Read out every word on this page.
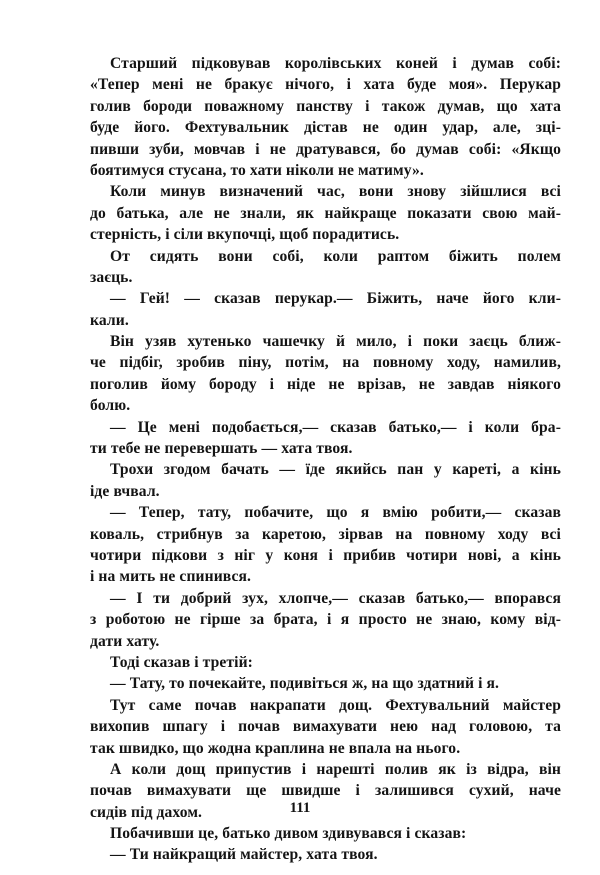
Старший підковував королівських коней і думав собі:
«Тепер мені не бракує нічого, і хата буде моя». Перукар
голив бороди поважному панству і також думав, що хата
буде його. Фехтувальник дістав не один удар, але, зці-
пивши зуби, мовчав і не дратувався, бо думав собі: «Якщо
боятимуся стусана, то хати ніколи не матиму».
Коли минув визначений час, вони знову зійшлися всі
до батька, але не знали, як найкраще показати свою май-
стерність, і сіли вкупочці, щоб порадитись.
От сидять вони собі, коли раптом біжить полем
заєць.
— Гей! — сказав перукар.— Біжить, наче його кли-
кали.
Він узяв хутенько чашечку й мило, і поки заєць ближ-
че підбіг, зробив піну, потім, на повному ходу, намилив,
поголив йому бороду і ніде не врізав, не завдав ніякого
болю.
— Це мені подобається,— сказав батько,— і коли бра-
ти тебе не перевершать — хата твоя.
Трохи згодом бачать — їде якийсь пан у кареті, а кінь
іде вчвал.
— Тепер, тату, побачите, що я вмію робити,— сказав
коваль, стрибнув за каретою, зірвав на повному ходу всі
чотири підкови з ніг у коня і прибив чотири нові, а кінь
і на мить не спинився.
— І ти добрий зух, хлопче,— сказав батько,— впорався
з роботою не гірше за брата, і я просто не знаю, кому від-
дати хату.
Тоді сказав і третій:
— Тату, то почекайте, подивіться ж, на що здатний і я.
Тут саме почав накрапати дощ. Фехтувальний майстер
вихопив шпагу і почав вимахувати нею над головою, та
так швидко, що жодна краплина не впала на нього.
А коли дощ припустив і нарешті полив як із відра, він
почав вимахувати ще швидше і залишився сухий, наче
сидів під дахом.
Побачивши це, батько дивом здивувався і сказав:
— Ти найкращий майстер, хата твоя.
111
